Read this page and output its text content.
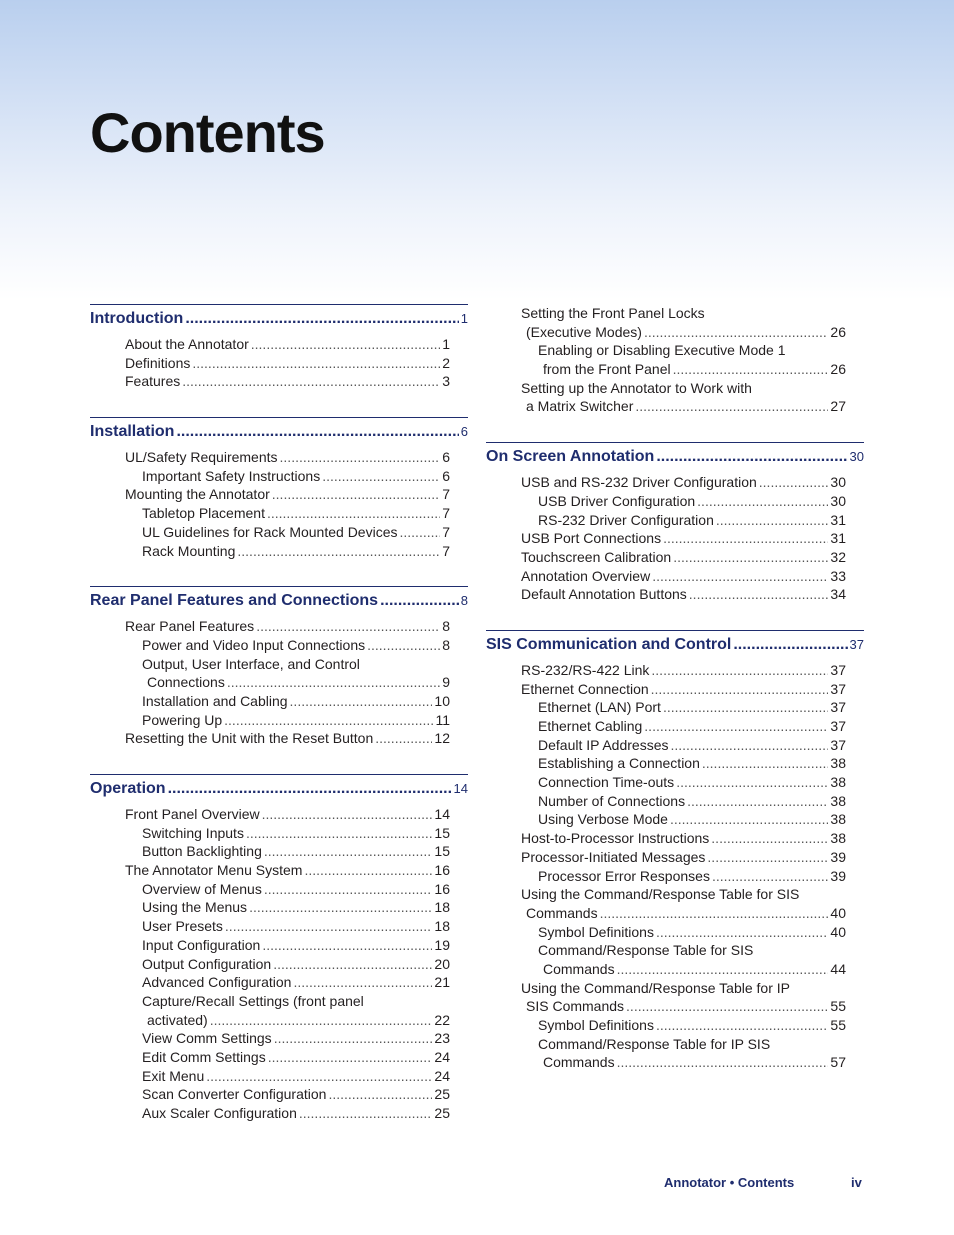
Contents
Introduction .....	1
About the Annotator .....	1
Definitions .....	2
Features .....	3
Installation .....	6
UL/Safety Requirements .....	6
Important Safety Instructions .....	6
Mounting the Annotator .....	7
Tabletop Placement .....	7
UL Guidelines for Rack Mounted Devices .....	7
Rack Mounting .....	7
Rear Panel Features and Connections .....	8
Rear Panel Features .....	8
Power and Video Input Connections .....	8
Output, User Interface, and Control
Connections .....	9
Installation and Cabling .....	10
Powering Up .....	11
Resetting the Unit with the Reset Button .....	12
Operation .....	14
Front Panel Overview .....	14
Switching Inputs .....	15
Button Backlighting .....	15
The Annotator Menu System .....	16
Overview of Menus .....	16
Using the Menus .....	18
User Presets .....	18
Input Configuration .....	19
Output Configuration .....	20
Advanced Configuration .....	21
Capture/Recall Settings (front panel
activated) .....	22
View Comm Settings .....	23
Edit Comm Settings .....	24
Exit Menu .....	24
Scan Converter Configuration .....	25
Aux Scaler Configuration .....	25
Setting the Front Panel Locks
(Executive Modes) .....	26
Enabling or Disabling Executive Mode 1
from the Front Panel .....	26
Setting up the Annotator to Work with
a Matrix Switcher .....	27
On Screen Annotation .....	30
USB and RS-232 Driver Configuration .....	30
USB Driver Configuration .....	30
RS-232 Driver Configuration .....	31
USB Port Connections .....	31
Touchscreen Calibration .....	32
Annotation Overview .....	33
Default Annotation Buttons .....	34
SIS Communication and Control .....	37
RS-232/RS-422 Link .....	37
Ethernet Connection .....	37
Ethernet (LAN) Port .....	37
Ethernet Cabling .....	37
Default IP Addresses .....	37
Establishing a Connection .....	38
Connection Time-outs .....	38
Number of Connections .....	38
Using Verbose Mode .....	38
Host-to-Processor Instructions .....	38
Processor-Initiated Messages .....	39
Processor Error Responses .....	39
Using the Command/Response Table for SIS
Commands .....	40
Symbol Definitions .....	40
Command/Response Table for SIS
Commands .....	44
Using the Command/Response Table for IP
SIS Commands .....	55
Symbol Definitions .....	55
Command/Response Table for IP SIS
Commands .....	57
Annotator • Contents	iv
